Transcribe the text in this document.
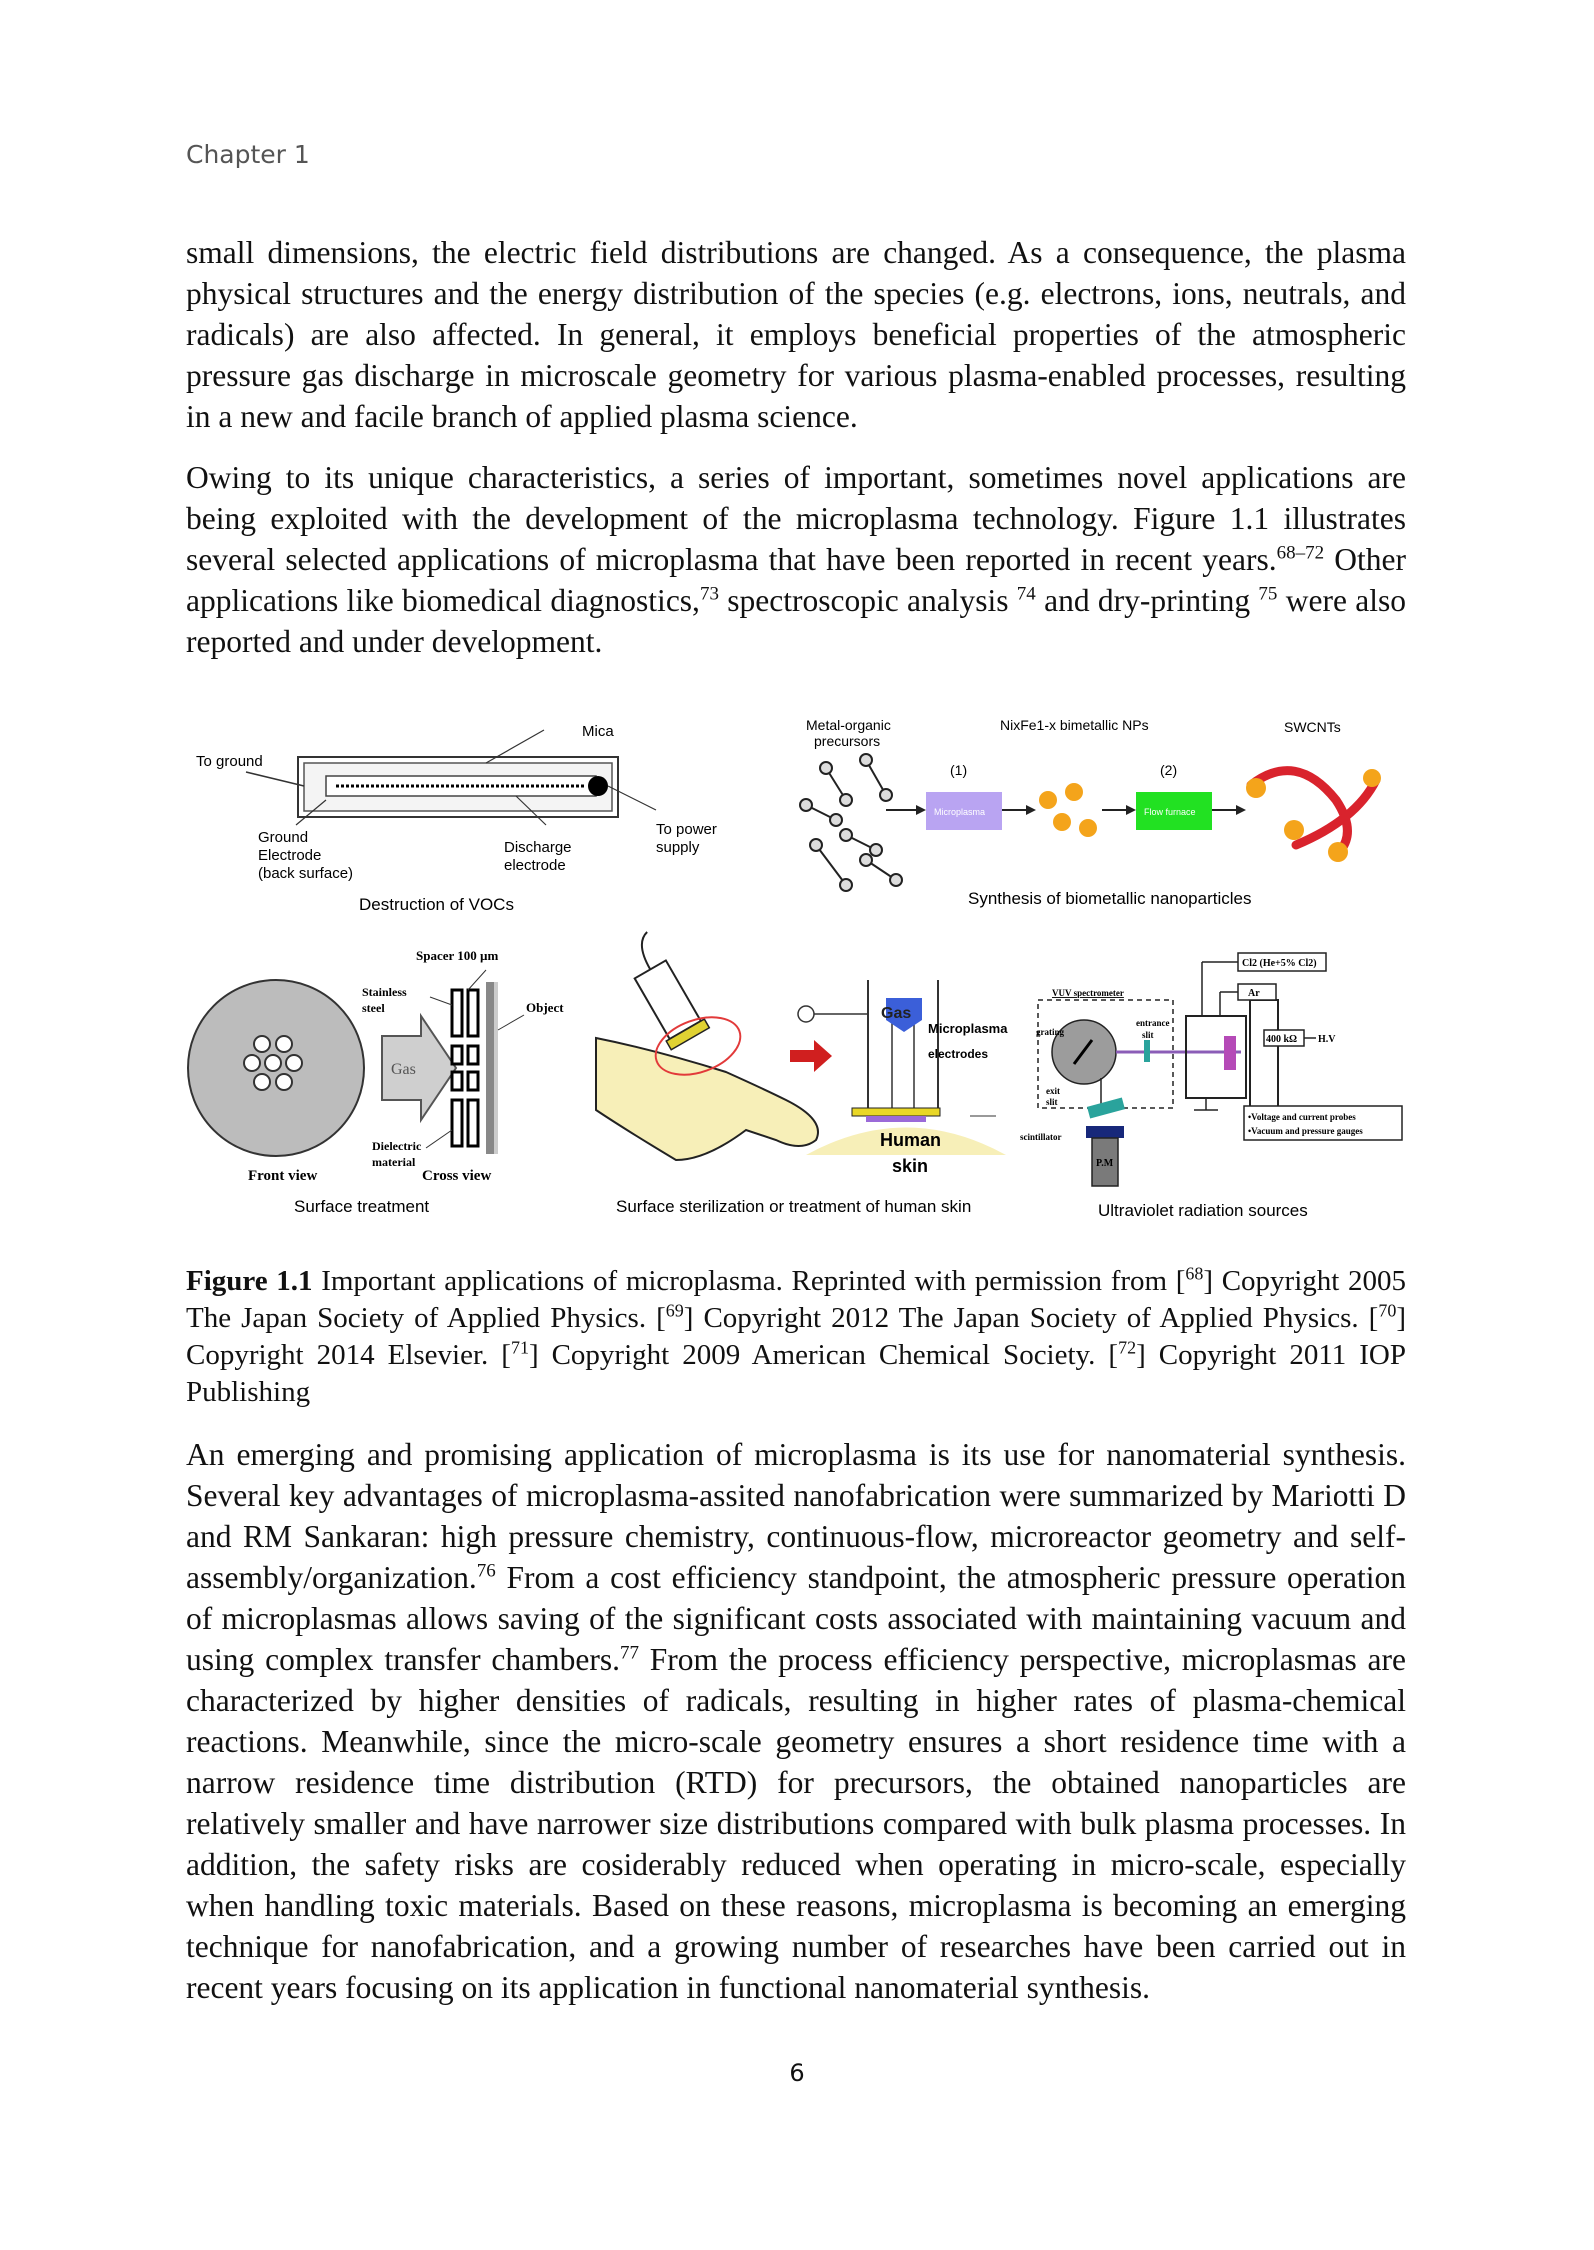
Chapter 1

small dimensions, the electric field distributions are changed. As a consequence, the plasma physical structures and the energy distribution of the species (e.g. electrons, ions, neutrals, and radicals) are also affected. In general, it employs beneficial properties of the atmospheric pressure gas discharge in microscale geometry for various plasma-enabled processes, resulting in a new and facile branch of applied plasma science.

Owing to its unique characteristics, a series of important, sometimes novel applications are being exploited with the development of the microplasma technology. Figure 1.1 illustrates several selected applications of microplasma that have been reported in recent years.$^{68-72}$ Other applications like biomedical diagnostics,$^{73}$ spectroscopic analysis $^{74}$ and dry-printing $^{75}$ were also reported and under development.

Mica
To ground
Ground
Electrode
(back surface)
Discharge
electrode
To power
supply
Destruction of VOCs
Metal-organic
precursors
NixFe1-x bimetallic NPs	SWCNTs
Microplasma
(1)
Flow furnace
(2)
Synthesis of biometallic nanoparticles
Gas
Spacer 100 µm
Stainless
steel	Object
Dielectric
material
Front view	Cross view
Surface treatment
Gas
Microplasma
electrodes
Human
skin
Surface sterilization or treatment of human skin
Cl2 (He+5% Cl2)
Ar
400 kΩ H.V
•Voltage and current probes
•Vacuum and pressure gauges
P.M
VUV spectrometer
grating
entrance
slit
exit
slit
scintillator
Ultraviolet radiation sources

Figure 1.1 Important applications of microplasma. Reprinted with permission from [$^{68}$] Copyright 2005 The Japan Society of Applied Physics. [$^{69}$] Copyright 2012 The Japan Society of Applied Physics. [$^{70}$] Copyright 2014 Elsevier. [$^{71}$] Copyright 2009 American Chemical Society. [$^{72}$] Copyright 2011 IOP Publishing

An emerging and promising application of microplasma is its use for nanomaterial synthesis. Several key advantages of microplasma-assited nanofabrication were summarized by Mariotti D and RM Sankaran: high pressure chemistry, continuous-flow, microreactor geometry and self-assembly/organization.$^{76}$ From a cost efficiency standpoint, the atmospheric pressure operation of microplasmas allows saving of the significant costs associated with maintaining vacuum and using complex transfer chambers.$^{77}$ From the process efficiency perspective, microplasmas are characterized by higher densities of radicals, resulting in higher rates of plasma-chemical reactions. Meanwhile, since the micro-scale geometry ensures a short residence time with a narrow residence time distribution (RTD) for precursors, the obtained nanoparticles are relatively smaller and have narrower size distributions compared with bulk plasma processes. In addition, the safety risks are cosiderably reduced when operating in micro-scale, especially when handling toxic materials. Based on these reasons, microplasma is becoming an emerging technique for nanofabrication, and a growing number of researches have been carried out in recent years focusing on its application in functional nanomaterial synthesis.

6
